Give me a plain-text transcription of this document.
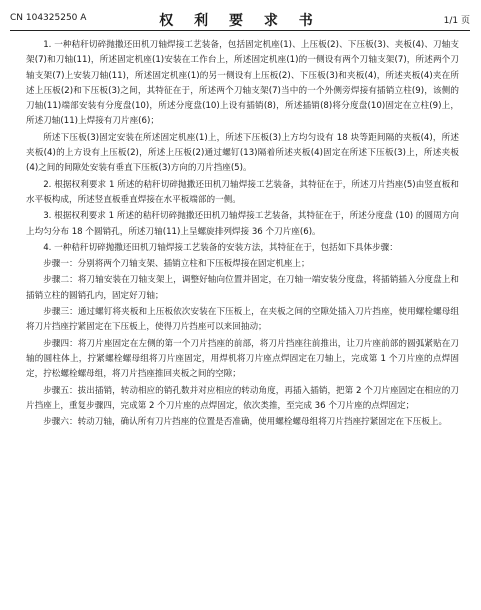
CN 104325250 A	权 利 要 求 书	1/1 页

1. 一种秸秆切碎抛撒还田机刀轴焊接工艺装备，包括固定机座(1)、上压板(2)、下压板(3)、夹板(4)、刀轴支架(7)和刀轴(11)，所述固定机座(1)安装在工作台上，所述固定机座(1)的一侧设有两个刀轴支架(7)，所述两个刀轴支架(7)上安装刀轴(11)，所述固定机座(1)的另一侧设有上压板(2)、下压板(3)和夹板(4)，所述夹板(4)夹在所述上压板(2)和下压板(3)之间，其特征在于，所述两个刀轴支架(7)当中的一个外侧旁焊接有插销立柱(9)，该侧的刀轴(11)端部安装有分度盘(10)，所述分度盘(10)上设有插销(8)，所述插销(8)将分度盘(10)固定在立柱(9)上，所述刀轴(11)上焊接有刀片座(6)；

所述下压板(3)固定安装在所述固定机座(1)上，所述下压板(3)上方均匀设有 18 块等距间隔的夹板(4)，所述夹板(4)的上方设有上压板(2)，所述上压板(2)通过螺钉(13)隔着所述夹板(4)固定在所述下压板(3)上，所述夹板(4)之间的间隙处安装有垂直下压板(3)方向的刀片挡座(5)。

2. 根据权利要求 1 所述的秸秆切碎抛撒还田机刀轴焊接工艺装备，其特征在于，所述刀片挡座(5)由竖直板和水平板构成，所述竖直板垂直焊接在水平板端部的一侧。

3. 根据权利要求 1 所述的秸秆切碎抛撒还田机刀轴焊接工艺装备，其特征在于，所述分度盘 (10) 的圆周方向上均匀分布 18 个圆销孔，所述刀轴(11)上呈螺旋排列焊接 36 个刀片座(6)。

4. 一种秸秆切碎抛撒还田机刀轴焊接工艺装备的安装方法，其特征在于，包括如下具体步骤：

步骤一：分别将两个刀轴支架、插销立柱和下压板焊接在固定机座上；

步骤二：将刀轴安装在刀轴支架上，调整好轴向位置并固定，在刀轴一端安装分度盘，将插销插入分度盘上和插销立柱的圆销孔内，固定好刀轴；

步骤三：通过螺钉将夹板和上压板依次安装在下压板上，在夹板之间的空隙处插入刀片挡座，使用螺栓螺母组将刀片挡座拧紧固定在下压板上，使得刀片挡座可以来回抽动；

步骤四：将刀片座固定在左侧的第一个刀片挡座的前部，将刀片挡座往前推出，让刀片座前部的圆弧紧贴在刀轴的圆柱体上，拧紧螺栓螺母组将刀片座固定，用焊机将刀片座点焊固定在刀轴上，完成第 1 个刀片座的点焊固定，拧松螺栓螺母组，将刀片挡座推回夹板之间的空隙；

步骤五：拔出插销，转动相应的销孔数并对应相应的转动角度，再插入插销，把第 2 个刀片座固定在相应的刀片挡座上，重复步骤四，完成第 2 个刀片座的点焊固定，依次类推，至完成 36 个刀片座的点焊固定；

步骤六：转动刀轴，确认所有刀片挡座的位置是否准确，使用螺栓螺母组将刀片挡座拧紧固定在下压板上。
